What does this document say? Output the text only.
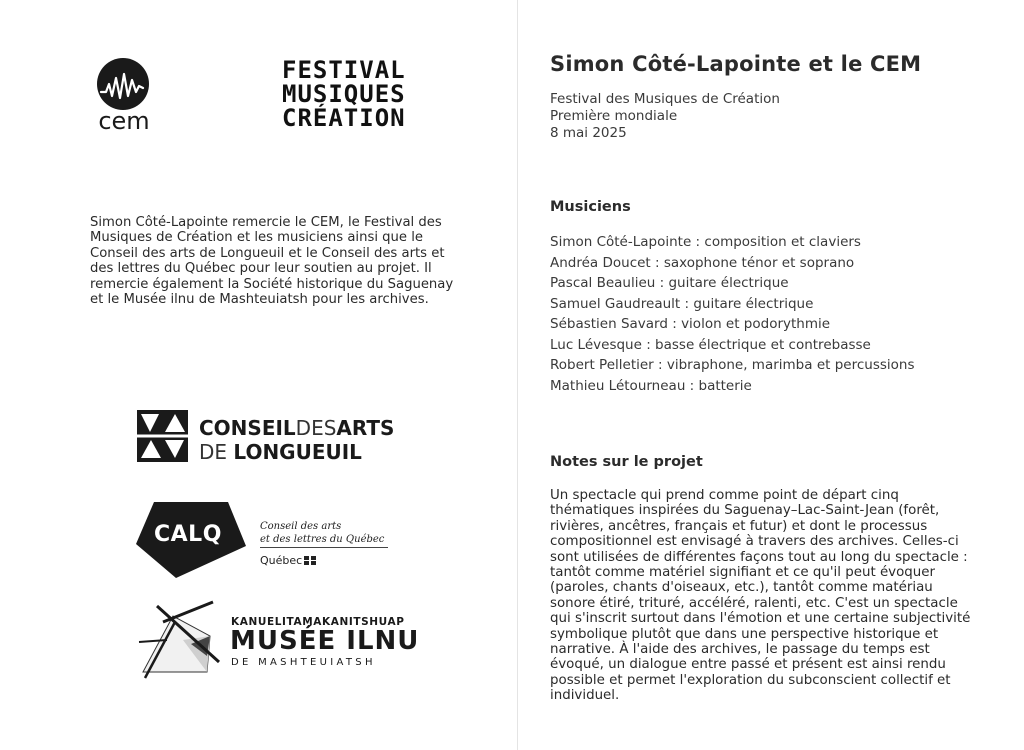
cem
FESTIVAL
MUSIQUES
CRÉATION
Simon Côté-Lapointe remercie le CEM, le Festival des Musiques de Création et les musiciens ainsi que le Conseil des arts de Longueuil et le Conseil des arts et des lettres du Québec pour leur soutien au projet. Il remercie également la Société historique du Saguenay et le Musée ilnu de Mashteuiatsh pour les archives.
CONSEILDESARTS
DE LONGUEUIL
CALQ	Conseil des arts
et des lettres du Québec
Québec
KANUELITAMAKANITSHUAP
MUSÉE ILNU
DE MASHTEUIATSH
Simon Côté-Lapointe et le CEM
Festival des Musiques de Création
Première mondiale
8 mai 2025
Musiciens
Simon Côté-Lapointe : composition et claviers
Andréa Doucet : saxophone ténor et soprano
Pascal Beaulieu : guitare électrique
Samuel Gaudreault : guitare électrique
Sébastien Savard : violon et podorythmie
Luc Lévesque : basse électrique et contrebasse
Robert Pelletier : vibraphone, marimba et percussions
Mathieu Létourneau : batterie
Notes sur le projet
Un spectacle qui prend comme point de départ cinq thématiques inspirées du Saguenay–Lac-Saint-Jean (forêt, rivières, ancêtres, français et futur) et dont le processus compositionnel est envisagé à travers des archives. Celles-ci sont utilisées de différentes façons tout au long du spectacle : tantôt comme matériel signifiant et ce qu'il peut évoquer (paroles, chants d'oiseaux, etc.), tantôt comme matériau sonore étiré, trituré, accéléré, ralenti, etc. C'est un spectacle qui s'inscrit surtout dans l'émotion et une certaine subjectivité symbolique plutôt que dans une perspective historique et narrative. À l'aide des archives, le passage du temps est évoqué, un dialogue entre passé et présent est ainsi rendu possible et permet l'exploration du subconscient collectif et individuel.
